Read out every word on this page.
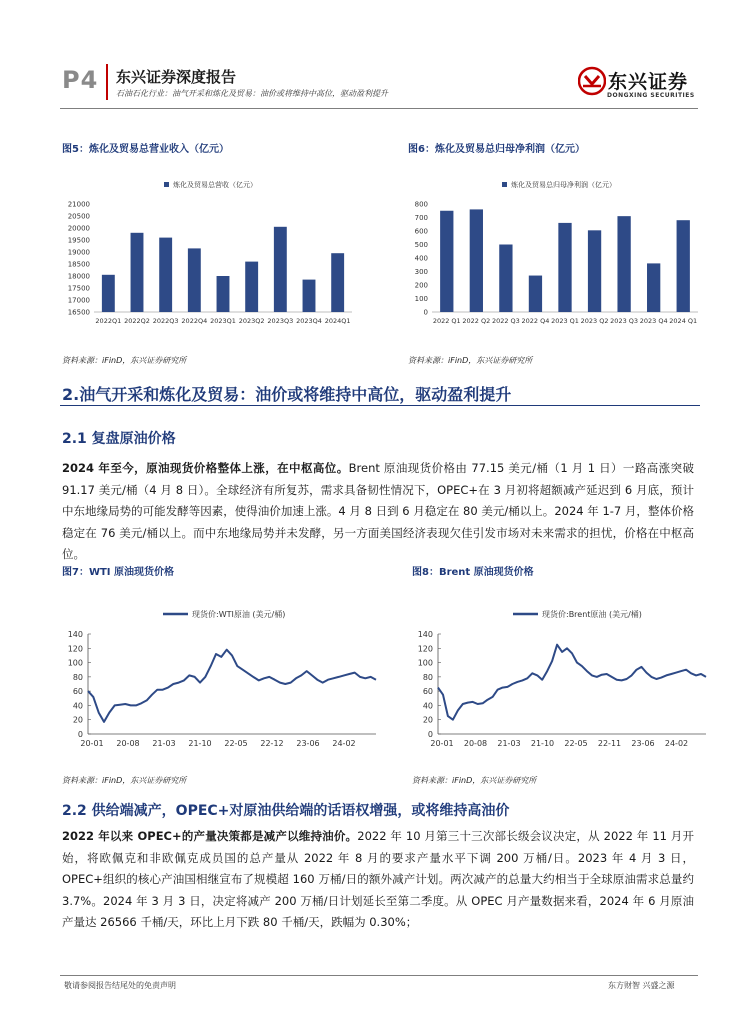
P4 东兴证券深度报告
石油石化行业：油气开采和炼化及贸易：油价或将维持中高位，驱动盈利提升
东兴证券
DONGXING SECURITIES
图5：炼化及贸易总营业收入（亿元）	图6：炼化及贸易总归母净利润（亿元）
炼化及贸易总营收（亿元）
16500
17000
17500
18000
18500
19000
19500
20000
20500
21000
2022Q1 2022Q2 2022Q3 2022Q4 2023Q1 2023Q2 2023Q3 2023Q4 2024Q1
炼化及贸易总归母净利润（亿元）
0
100
200
300
400
500
600
700
800
2022 Q1 2022 Q2 2022 Q3 2022 Q4 2023 Q1 2023 Q2 2023 Q3 2023 Q4 2024 Q1
资料来源：iFinD，东兴证券研究所	资料来源：iFinD，东兴证券研究所
2.油气开采和炼化及贸易：油价或将维持中高位，驱动盈利提升
2.1 复盘原油价格
2024 年至今，原油现货价格整体上涨，在中枢高位。Brent 原油现货价格由 77.15 美元/桶（1 月 1 日）一路高涨突破 91.17 美元/桶（4 月 8 日）。全球经济有所复苏，需求具备韧性情况下，OPEC+在 3 月初将超额减产延迟到 6 月底，预计中东地缘局势的可能发酵等因素，使得油价加速上涨。4 月 8 日到 6 月稳定在 80 美元/桶以上。2024 年 1-7 月，整体价格稳定在 76 美元/桶以上。而中东地缘局势并未发酵，另一方面美国经济表现欠佳引发市场对未来需求的担忧，价格在中枢高位。
图7：WTI 原油现货价格	图8：Brent 原油现货价格
现货价:WTI原油 (美元/桶)
0
20
40
60
80
100
120
140
20-01 20-08 21-03 21-10 22-05 22-12 23-06 24-02
现货价:Brent原油 (美元/桶)
0
20
40
60
80
100
120
140
20-01 20-08 21-03 21-10 22-05 22-11 23-06 24-02
资料来源：iFinD，东兴证券研究所	资料来源：iFinD，东兴证券研究所
2.2 供给端减产，OPEC+对原油供给端的话语权增强，或将维持高油价
2022 年以来 OPEC+的产量决策都是减产以维持油价。2022 年 10 月第三十三次部长级会议决定，从 2022 年 11 月开始，将欧佩克和非欧佩克成员国的总产量从 2022 年 8 月的要求产量水平下调 200 万桶/日。2023 年 4 月 3 日，OPEC+组织的核心产油国相继宣布了规模超 160 万桶/日的额外减产计划。两次减产的总量大约相当于全球原油需求总量约 3.7%。2024 年 3 月 3 日，决定将减产 200 万桶/日计划延长至第二季度。从 OPEC 月产量数据来看，2024 年 6 月原油产量达 26566 千桶/天，环比上月下跌 80 千桶/天，跌幅为 0.30%；
敬请参阅报告结尾处的免责声明	东方财智 兴盛之源
